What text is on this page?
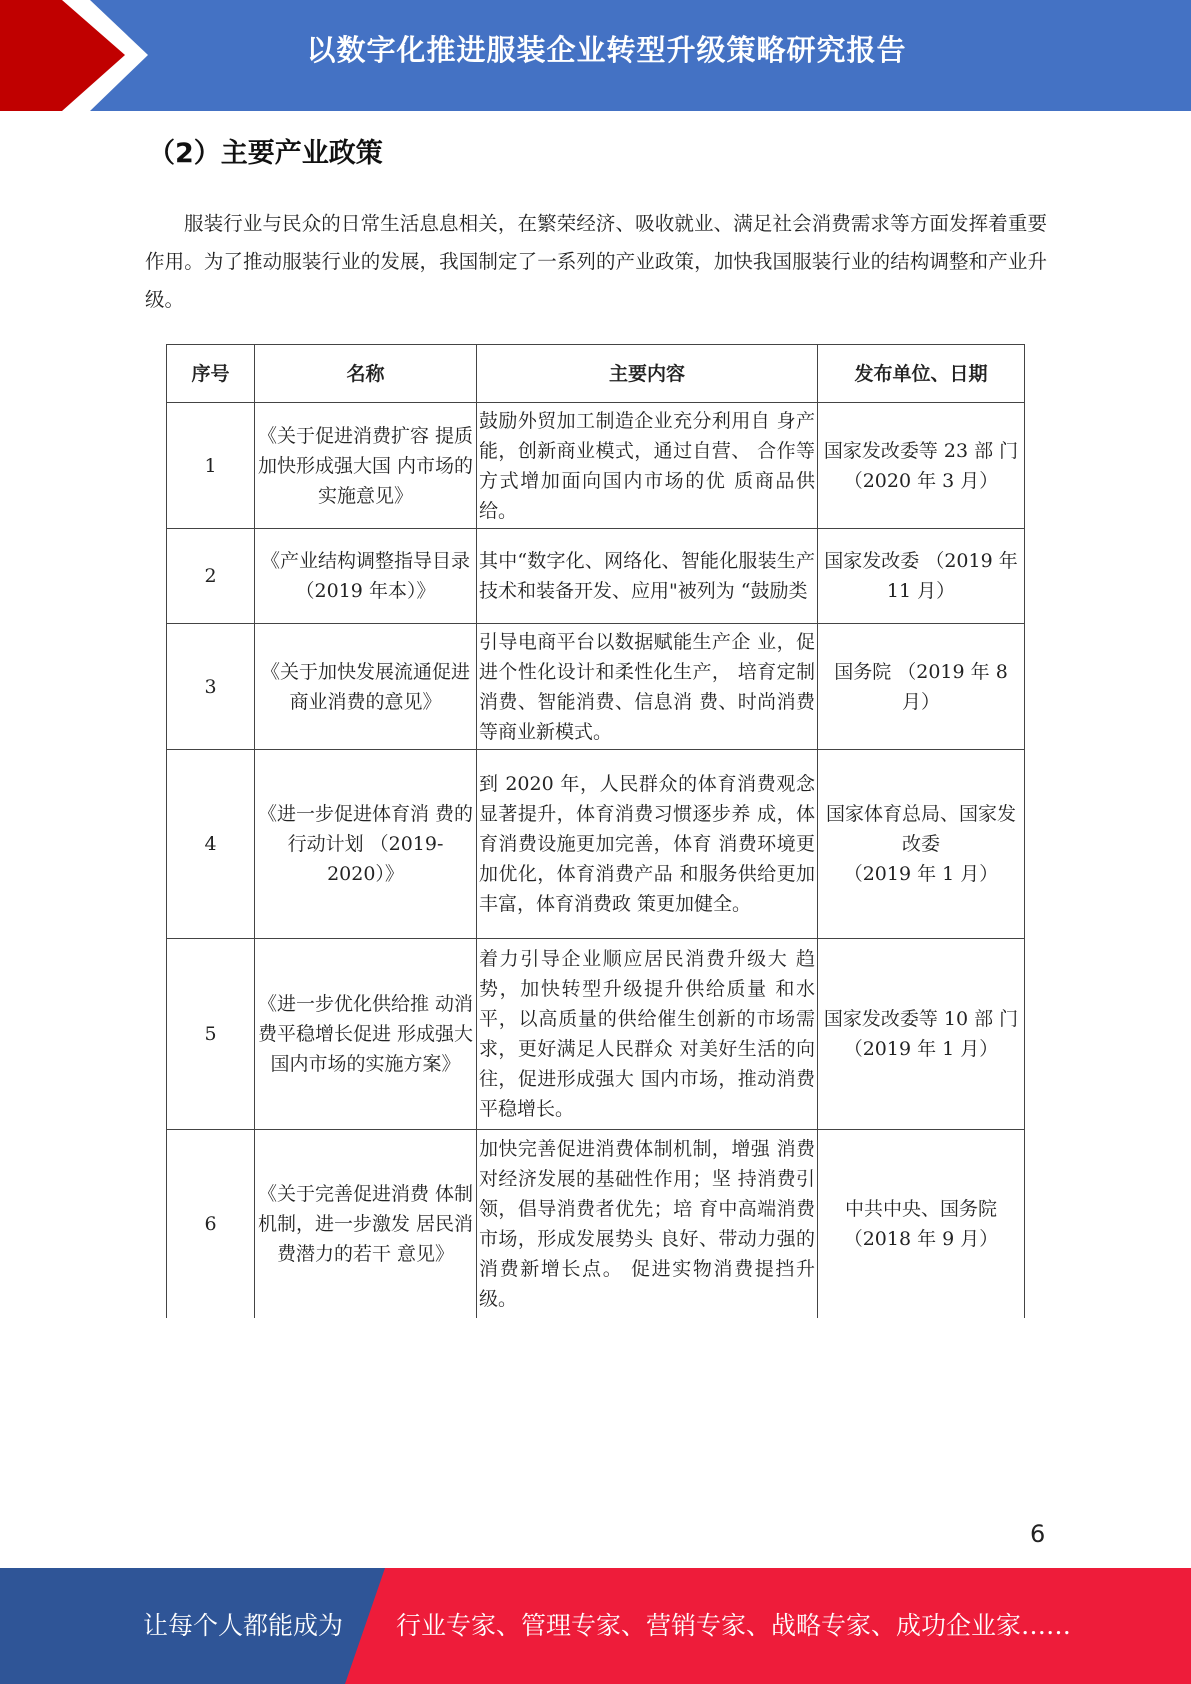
以数字化推进服装企业转型升级策略研究报告
（2）主要产业政策

服装行业与民众的日常生活息息相关，在繁荣经济、吸收就业、满足社会消费需求等方面发挥着重要作用。为了推动服装行业的发展，我国制定了一系列的产业政策，加快我国服装行业的结构调整和产业升级。

序号	名称	主要内容	发布单位、日期
1	《关于促进消费扩容 提质加快形成强大国 内市场的实施意见》	鼓励外贸加工制造企业充分利用自 身产能，创新商业模式，通过自营、 合作等方式增加面向国内市场的优 质商品供给。	国家发改委等 23 部 门
（2020 年 3 月）

2	《产业结构调整指导目录（2019 年本）》	其中“数字化、网络化、智能化服装生产技术和装备开发、应用"被列为 “鼓励类	国家发改委 （2019 年
11 月）

3	《关于加快发展流通促进商业消费的意见》	引导电商平台以数据赋能生产企 业，促进个性化设计和柔性化生产， 培育定制消费、智能消费、信息消 费、时尚消费等商业新模式。	国务院 （2019 年 8
月）

4	《进一步促进体育消 费的行动计划 （2019-2020）》	到 2020 年，人民群众的体育消费观念显著提升，体育消费习惯逐步养 成，体育消费设施更加完善，体育 消费环境更加优化，体育消费产品 和服务供给更加丰富，体育消费政 策更加健全。	国家体育总局、国家发改委
（2019 年 1 月）

5	《进一步优化供给推 动消费平稳增长促进 形成强大国内市场的实施方案》	着力引导企业顺应居民消费升级大 趋势，加快转型升级提升供给质量 和水平，以高质量的供给催生创新的市场需求，更好满足人民群众 对美好生活的向往，促进形成强大 国内市场，推动消费平稳增长。	国家发改委等 10 部 门
（2019 年 1 月）

6	《关于完善促进消费 体制机制，进一步激发 居民消费潜力的若干 意见》	加快完善促进消费体制机制，增强 消费对经济发展的基础性作用；坚 持消费引领，倡导消费者优先；培 育中高端消费市场，形成发展势头 良好、带动力强的消费新增长点。 促进实物消费提挡升级。	中共中央、国务院
（2018 年 9 月）
6
让每个人都能成为 行业专家、管理专家、营销专家、战略专家、成功企业家……
